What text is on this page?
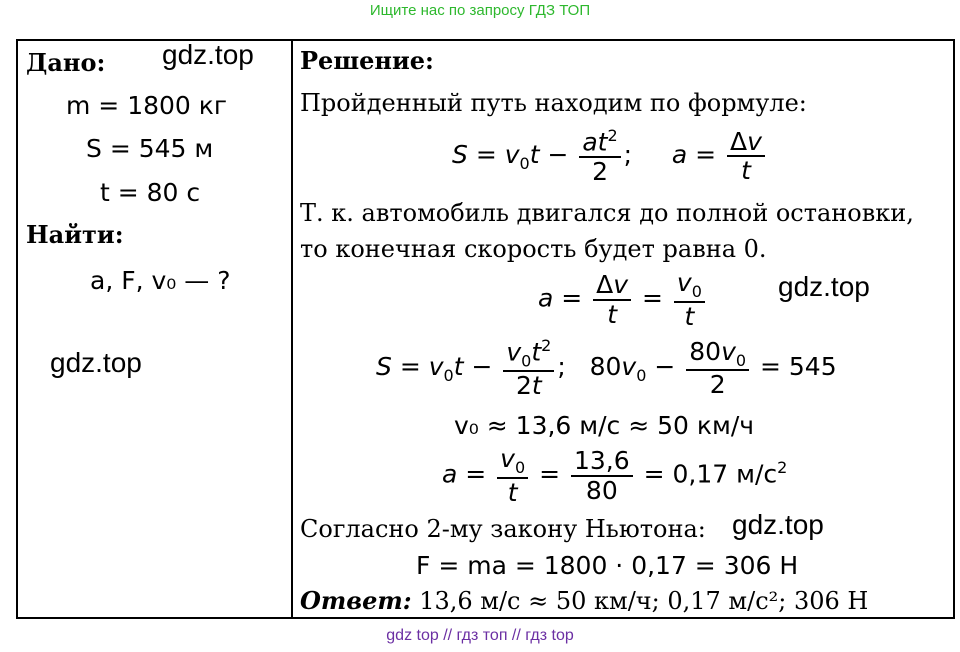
Ищите нас по запросу ГДЗ ТОП
Дано: gdz.top
m = 1800 кг
S = 545 м
t = 80 с
Найти:
a, F, v₀ — ?
gdz.top
Решение:
Пройденный путь находим по формуле:
$S = v_0t - \frac{at^2}{2}$ ;     $a = \frac{\Delta v}{t}$
Т. к. автомобиль двигался до полной остановки,
то конечная скорость будет равна 0.
$a = \frac{\Delta v}{t} = \frac{v_0}{t}$	gdz.top
$S = v_0t - \frac{v_0t^2}{2t}$ ;   $80v_0 - \frac{80v_0}{2} = 545$
v₀ ≈ 13,6 м/с ≈ 50 км/ч
$a = \frac{v_0}{t} = \frac{13,6}{80} = 0,17$ $м/с^2$
Согласно 2-му закону Ньютона: gdz.top
F = ma = 1800 · 0,17 = 306 Н
Ответ: 13,6 м/с ≈ 50 км/ч; 0,17 м/с²; 306 Н
gdz top // гдз топ // гдз top
